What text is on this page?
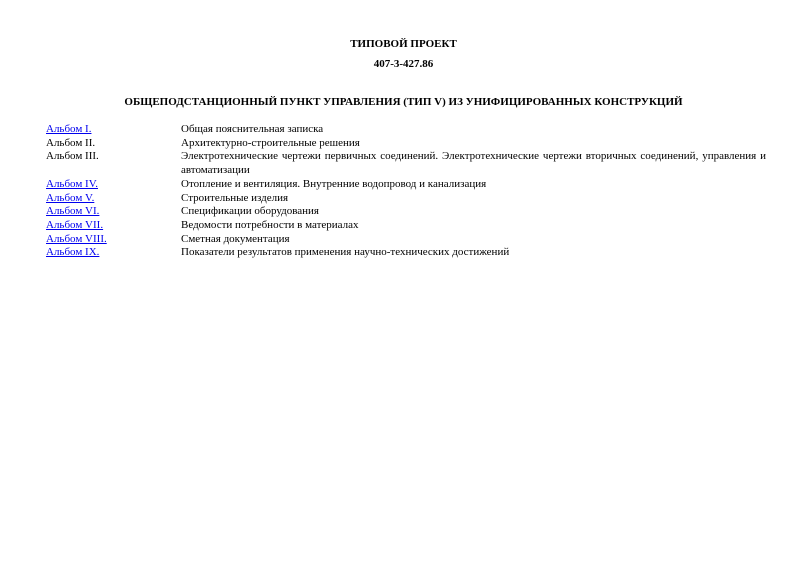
ТИПОВОЙ ПРОЕКТ
407-3-427.86
ОБЩЕПОДСТАНЦИОННЫЙ ПУНКТ УПРАВЛЕНИЯ (ТИП V) ИЗ УНИФИЦИРОВАННЫХ КОНСТРУКЦИЙ
Альбом I.	Общая пояснительная записка
Альбом II.	Архитектурно-строительные решения
Альбом III.	Электротехнические чертежи первичных соединений. Электротехнические чертежи вторичных соединений, управления и автоматизации
Альбом IV.	Отопление и вентиляция. Внутренние водопровод и канализация
Альбом V.	Строительные изделия
Альбом VI.	Спецификации оборудования
Альбом VII.	Ведомости потребности в материалах
Альбом VIII.	Сметная документация
Альбом IX.	Показатели результатов применения научно-технических достижений
